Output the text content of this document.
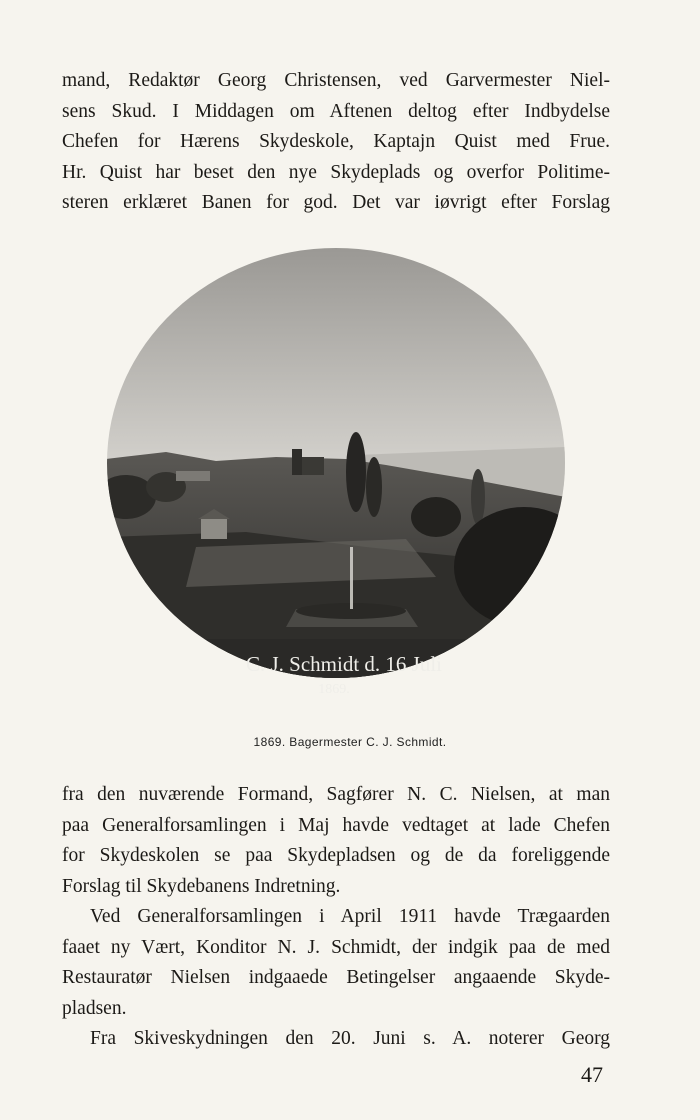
mand, Redaktør Georg Christensen, ved Garvermester Niel-

sens Skud. I Middagen om Aftenen deltog efter Indbydelse

Chefen for Hærens Skydeskole, Kaptajn Quist med Frue.

Hr. Quist har beset den nye Skydeplads og overfor Politime-

steren erklæret Banen for god. Det var iøvrigt efter Forslag

C. J. Schmidt d. 16 Juli
1869.
1869. Bagermester C. J. Schmidt.

fra den nuværende Formand, Sagfører N. C. Nielsen, at man

paa Generalforsamlingen i Maj havde vedtaget at lade Chefen

for Skydeskolen se paa Skydepladsen og de da foreliggende

Forslag til Skydebanens Indretning.

Ved Generalforsamlingen i April 1911 havde Trægaarden

faaet ny Vært, Konditor N. J. Schmidt, der indgik paa de med

Restauratør Nielsen indgaaede Betingelser angaaende Skyde-

pladsen.

Fra Skiveskydningen den 20. Juni s. A. noterer Georg

47
